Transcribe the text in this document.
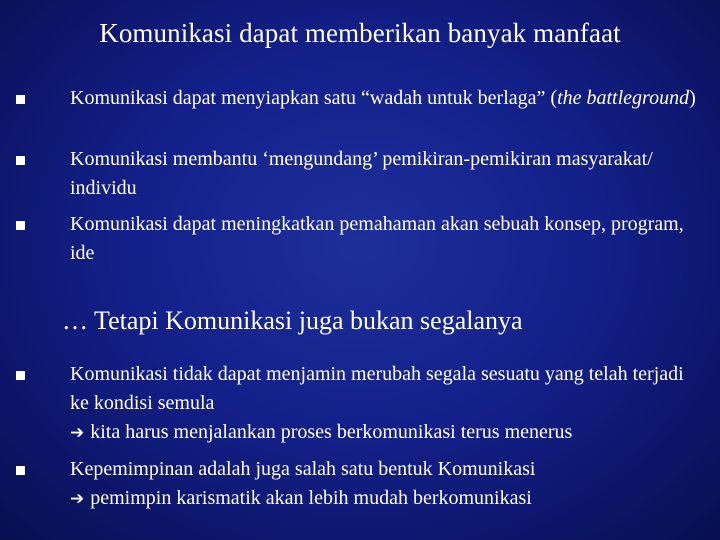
Komunikasi dapat memberikan banyak manfaat
Komunikasi dapat menyiapkan satu “wadah untuk berlaga” (the battleground)
Komunikasi membantu ‘mengundang’ pemikiran-pemikiran masyarakat/ individu
Komunikasi dapat meningkatkan pemahaman akan sebuah konsep, program, ide
… Tetapi Komunikasi juga bukan segalanya
Komunikasi tidak dapat menjamin merubah segala sesuatu yang telah terjadi ke kondisi semula
➔ kita harus menjalankan proses berkomunikasi terus menerus
Kepemimpinan adalah juga salah satu bentuk Komunikasi
➔ pemimpin karismatik akan lebih mudah berkomunikasi
